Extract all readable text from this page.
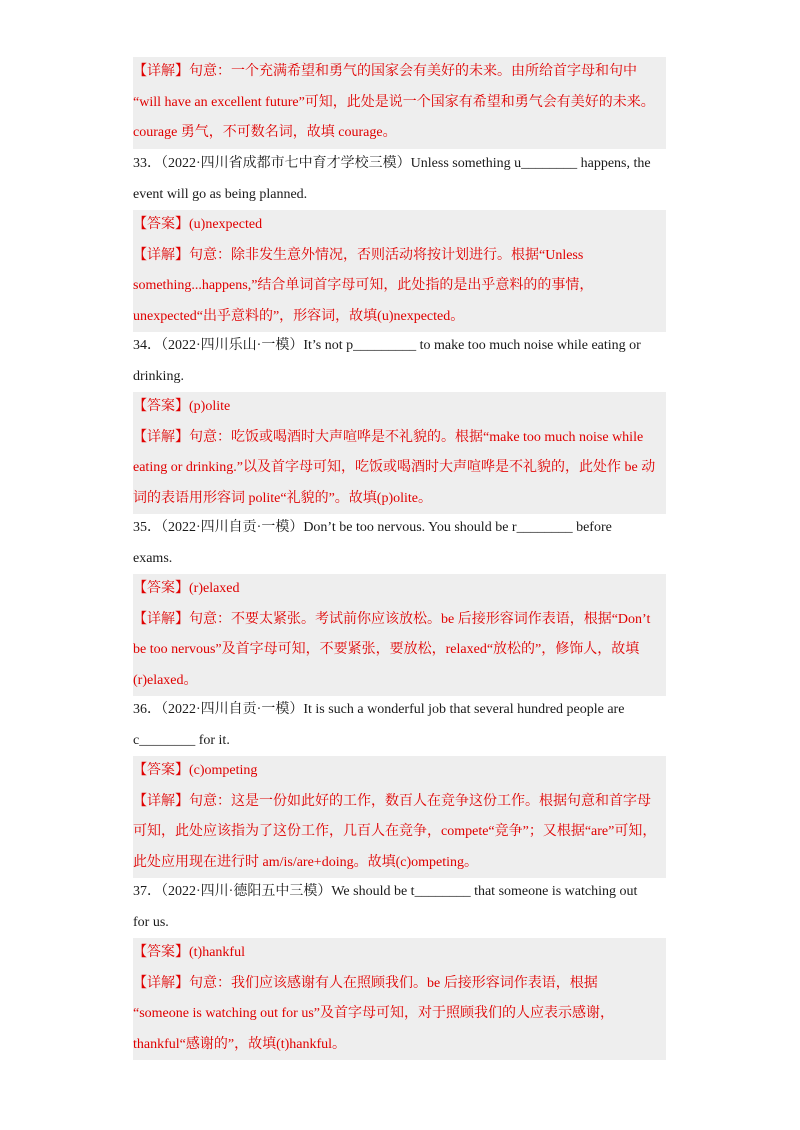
【详解】句意：一个充满希望和勇气的国家会有美好的未来。由所给首字母和句中
“will have an excellent future”可知，此处是说一个国家有希望和勇气会有美好的未来。
courage 勇气，不可数名词，故填 courage。
33．（2022·四川省成都市七中育才学校三模）Unless something u________ happens, the
event will go as being planned.
【答案】(u)nexpected
【详解】句意：除非发生意外情况，否则活动将按计划进行。根据“Unless
something...happens,”结合单词首字母可知，此处指的是出乎意料的的事情，
unexpected“出乎意料的”，形容词，故填(u)nexpected。
34．（2022·四川乐山·一模）It’s not p_________ to make too much noise while eating or
drinking.
【答案】(p)olite
【详解】句意：吃饭或喝酒时大声喧哗是不礼貌的。根据“make too much noise while
eating or drinking.”以及首字母可知，吃饭或喝酒时大声喧哗是不礼貌的，此处作 be 动
词的表语用形容词 polite“礼貌的”。故填(p)olite。
35．（2022·四川自贡·一模）Don’t be too nervous. You should be r________ before
exams.
【答案】(r)elaxed
【详解】句意：不要太紧张。考试前你应该放松。be 后接形容词作表语，根据“Don’t
be too nervous”及首字母可知，不要紧张，要放松，relaxed“放松的”，修饰人，故填
(r)elaxed。
36．（2022·四川自贡·一模）It is such a wonderful job that several hundred people are
c________ for it.
【答案】(c)ompeting
【详解】句意：这是一份如此好的工作，数百人在竞争这份工作。根据句意和首字母
可知，此处应该指为了这份工作，几百人在竞争，compete“竞争”；又根据“are”可知，
此处应用现在进行时 am/is/are+doing。故填(c)ompeting。
37．（2022·四川·德阳五中三模）We should be t________ that someone is watching out
for us.
【答案】(t)hankful
【详解】句意：我们应该感谢有人在照顾我们。be 后接形容词作表语，根据
“someone is watching out for us”及首字母可知，对于照顾我们的人应表示感谢，
thankful“感谢的”，故填(t)hankful。
